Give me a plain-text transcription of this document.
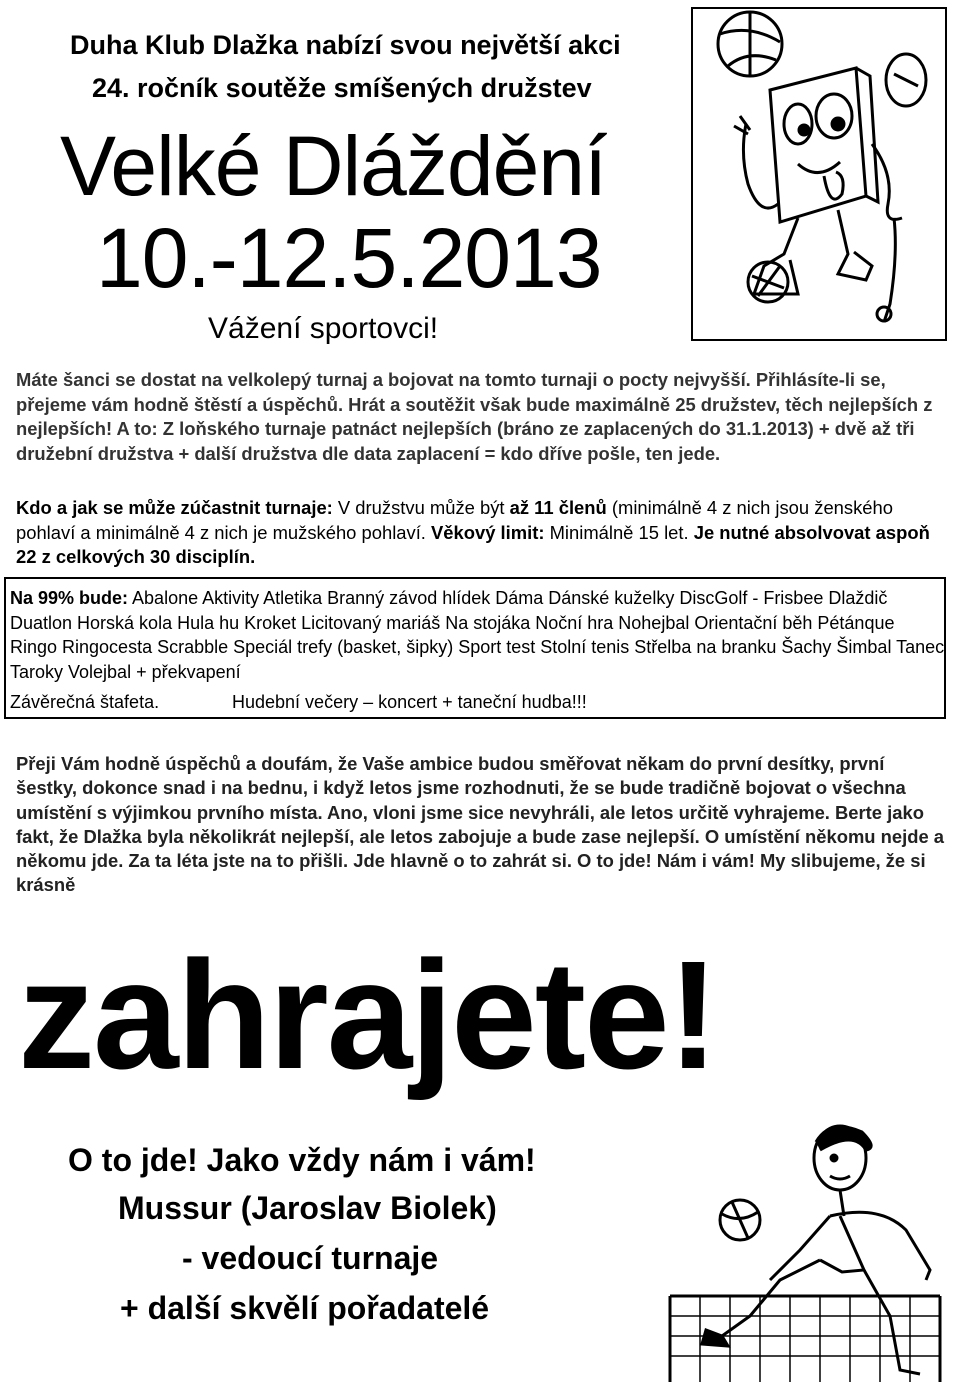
Duha Klub Dlažka nabízí svou největší akci
24. ročník soutěže smíšených družstev
Velké Dláždění
10.-12.5.2013
Vážení sportovci!
Máte šanci se dostat na velkolepý turnaj a bojovat na tomto turnaji o pocty nejvyšší. Přihlásíte-li se, přejeme vám hodně štěstí a úspěchů. Hrát a soutěžit však bude maximálně 25 družstev, těch nejlepších z nejlepších! A to: Z loňského turnaje patnáct nejlepších (bráno ze zaplacených do 31.1.2013) + dvě až tři družební družstva + další družstva dle data zaplacení = kdo dříve pošle, ten jede.
Kdo a jak se může zúčastnit turnaje: V družstvu může být až 11 členů (minimálně 4 z nich jsou ženského pohlaví a minimálně 4 z nich je mužského pohlaví. Věkový limit: Minimálně 15 let. Je nutné absolvovat aspoň 22 z celkových 30 disciplín.
Na 99% bude: Abalone Aktivity Atletika Branný závod hlídek Dáma Dánské kuželky DiscGolf - Frisbee Dlaždič Duatlon Horská kola Hula hu Kroket Licitovaný mariáš Na stojáka Noční hra Nohejbal Orientační běh Pétánque Ringo Ringocesta Scrabble Speciál trefy (basket, šipky) Sport test Stolní tenis Střelba na branku Šachy Šimbal Tanec Taroky Volejbal + překvapení
Závěrečná štafeta.	Hudební večery – koncert + taneční hudba!!!
Přeji Vám hodně úspěchů a doufám, že Vaše ambice budou směřovat někam do první desítky, první šestky, dokonce snad i na bednu, i když letos jsme rozhodnuti, že se bude tradičně bojovat o všechna umístění s výjimkou prvního místa. Ano, vloni jsme sice nevyhráli, ale letos určitě vyhrajeme. Berte jako fakt, že Dlažka byla několikrát nejlepší, ale letos zabojuje a bude zase nejlepší. O umístění někomu nejde a někomu jde. Za ta léta jste na to přišli. Jde hlavně o to zahrát si. O to jde! Nám i vám! My slibujeme, že si krásně
zahrajete!
O to jde! Jako vždy nám i vám!
Mussur (Jaroslav Biolek)
- vedoucí turnaje
+ další skvělí pořadatelé
